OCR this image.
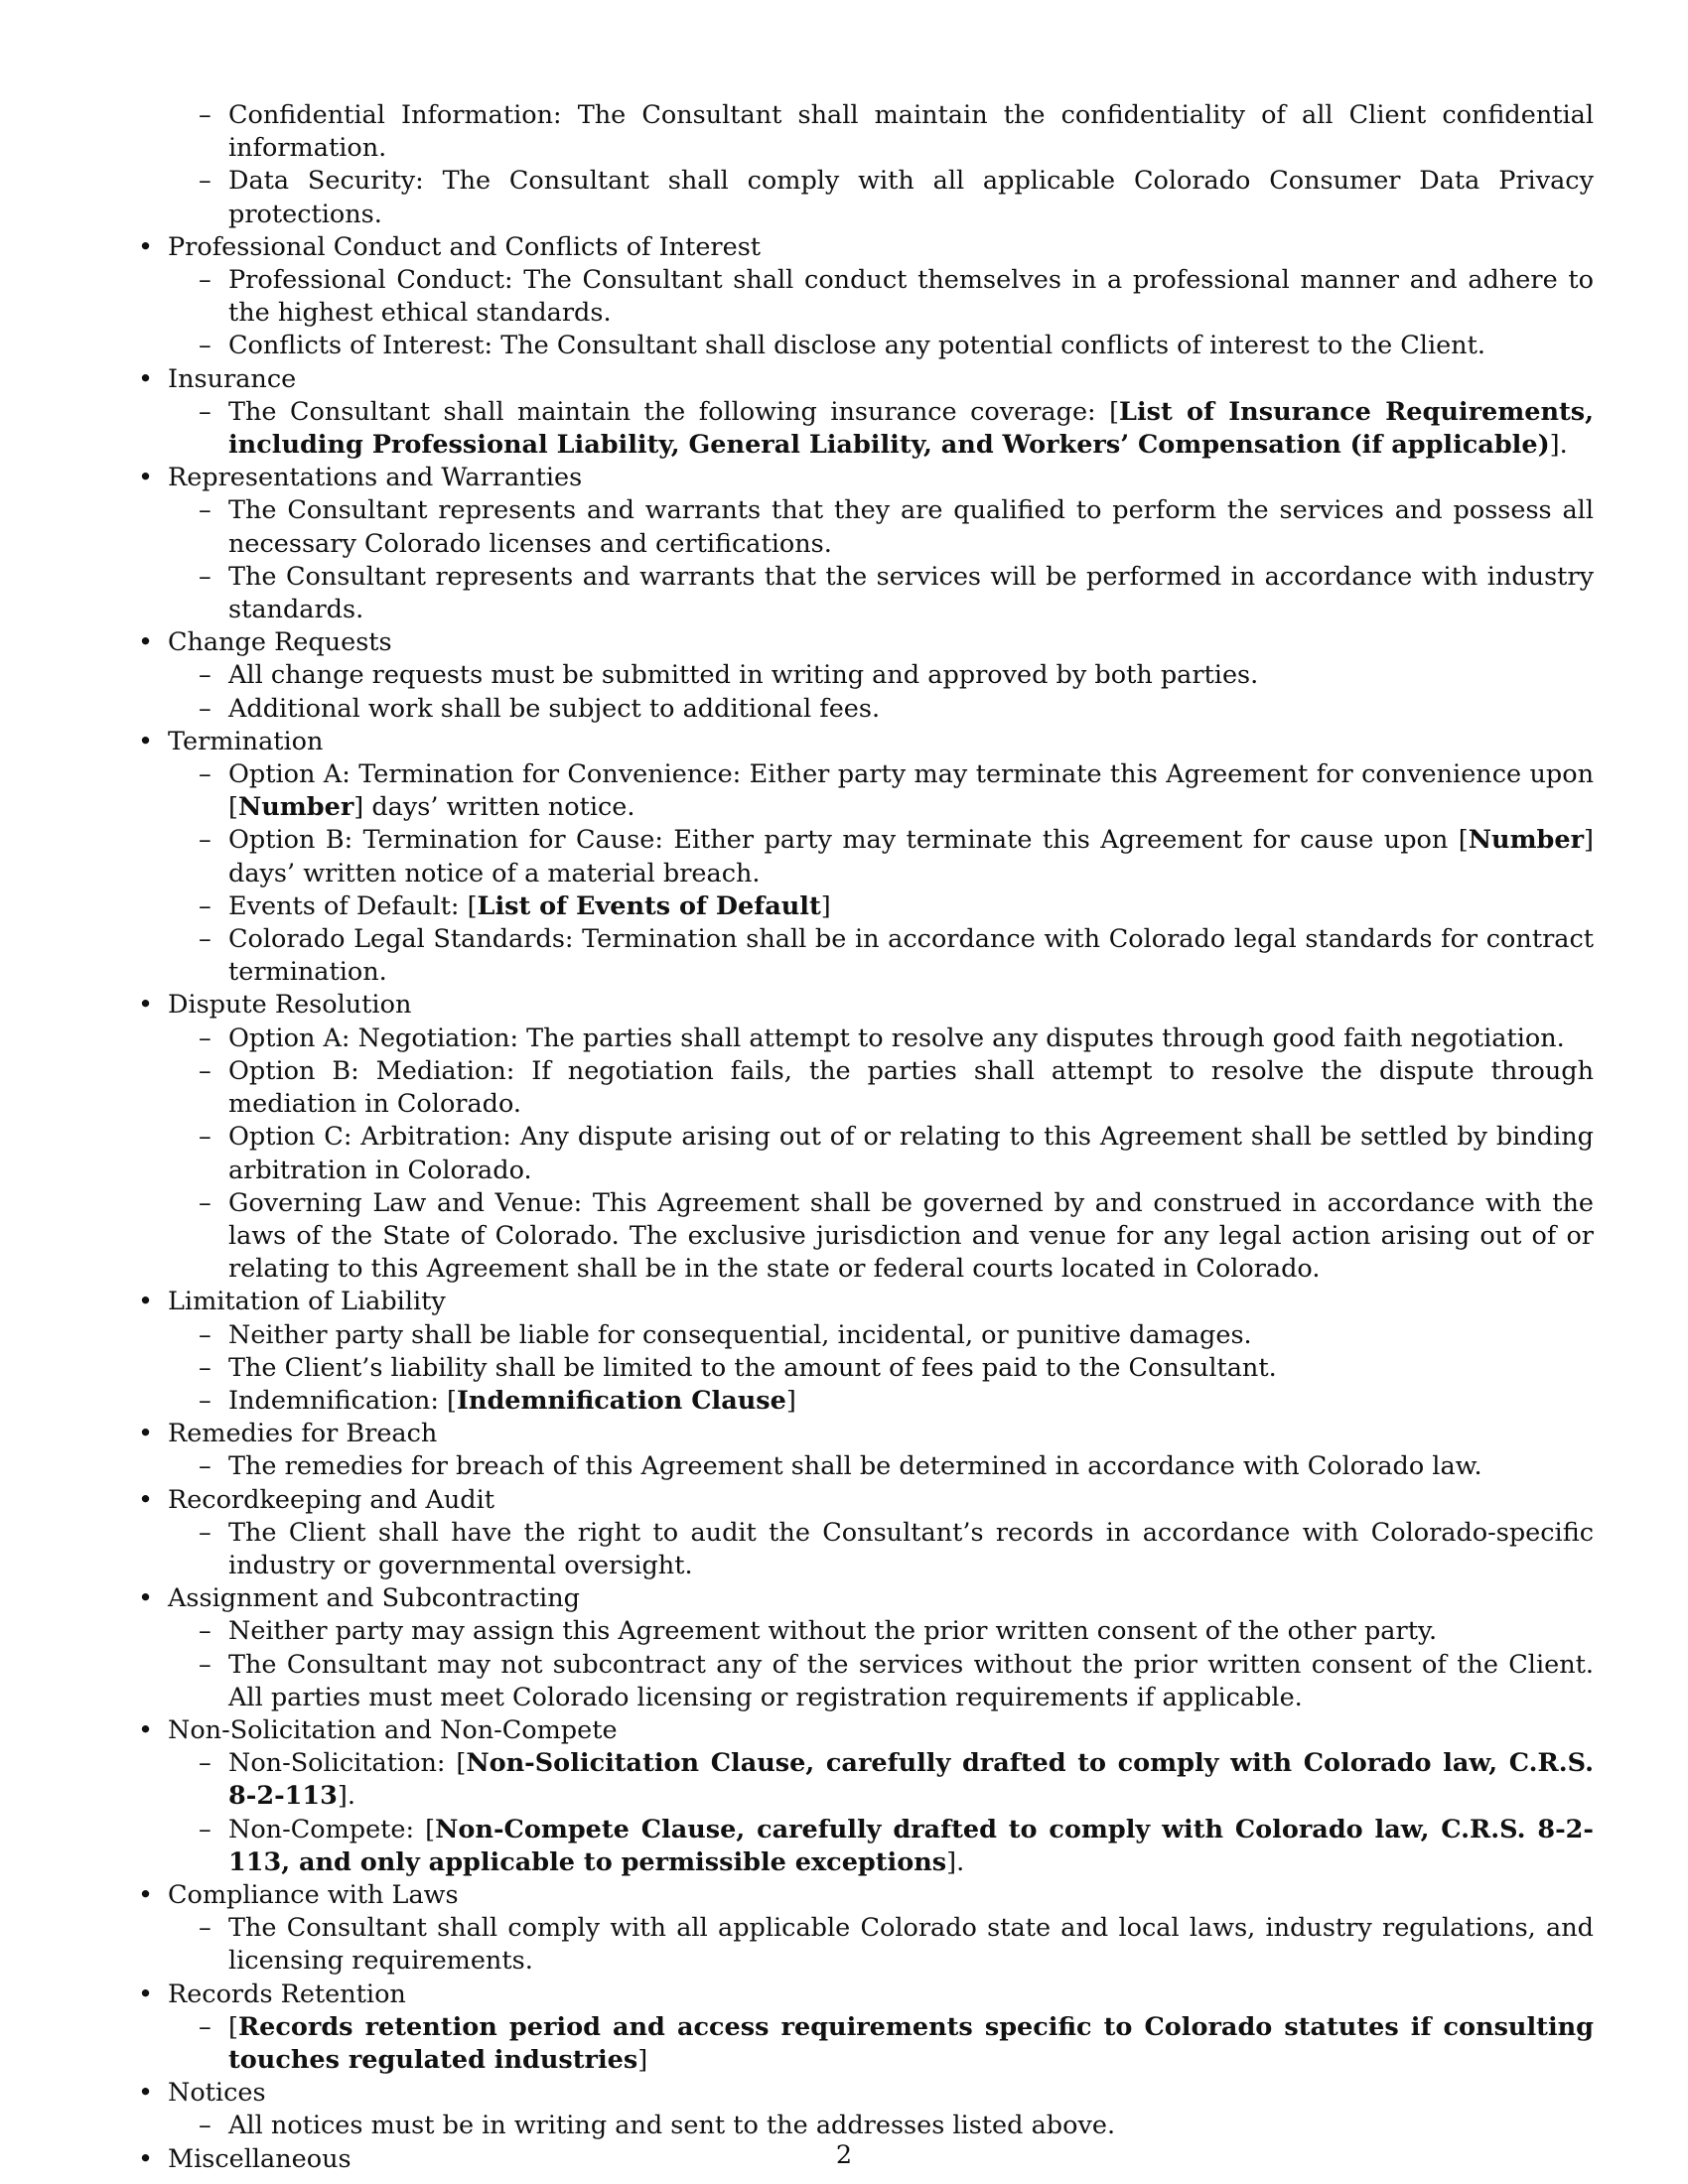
– Confidential Information: The Consultant shall maintain the confidentiality of all Client confidential information.
– Data Security: The Consultant shall comply with all applicable Colorado Consumer Data Privacy protections.
• Professional Conduct and Conflicts of Interest
– Professional Conduct: The Consultant shall conduct themselves in a professional manner and adhere to the highest ethical standards.
– Conflicts of Interest: The Consultant shall disclose any potential conflicts of interest to the Client.
• Insurance
– The Consultant shall maintain the following insurance coverage: [List of Insurance Requirements, including Professional Liability, General Liability, and Workers’ Compensation (if applicable)].
• Representations and Warranties
– The Consultant represents and warrants that they are qualified to perform the services and possess all necessary Colorado licenses and certifications.
– The Consultant represents and warrants that the services will be performed in accordance with industry standards.
• Change Requests
– All change requests must be submitted in writing and approved by both parties.
– Additional work shall be subject to additional fees.
• Termination
– Option A: Termination for Convenience: Either party may terminate this Agreement for convenience upon [Number] days’ written notice.
– Option B: Termination for Cause: Either party may terminate this Agreement for cause upon [Number] days’ written notice of a material breach.
– Events of Default: [List of Events of Default]
– Colorado Legal Standards: Termination shall be in accordance with Colorado legal standards for contract termination.
• Dispute Resolution
– Option A: Negotiation: The parties shall attempt to resolve any disputes through good faith negotiation.
– Option B: Mediation: If negotiation fails, the parties shall attempt to resolve the dispute through mediation in Colorado.
– Option C: Arbitration: Any dispute arising out of or relating to this Agreement shall be settled by binding arbitration in Colorado.
– Governing Law and Venue: This Agreement shall be governed by and construed in accordance with the laws of the State of Colorado. The exclusive jurisdiction and venue for any legal action arising out of or relating to this Agreement shall be in the state or federal courts located in Colorado.
• Limitation of Liability
– Neither party shall be liable for consequential, incidental, or punitive damages.
– The Client’s liability shall be limited to the amount of fees paid to the Consultant.
– Indemnification: [Indemnification Clause]
• Remedies for Breach
– The remedies for breach of this Agreement shall be determined in accordance with Colorado law.
• Recordkeeping and Audit
– The Client shall have the right to audit the Consultant’s records in accordance with Colorado-specific industry or governmental oversight.
• Assignment and Subcontracting
– Neither party may assign this Agreement without the prior written consent of the other party.
– The Consultant may not subcontract any of the services without the prior written consent of the Client. All parties must meet Colorado licensing or registration requirements if applicable.
• Non-Solicitation and Non-Compete
– Non-Solicitation: [Non-Solicitation Clause, carefully drafted to comply with Colorado law, C.R.S. 8-2-113].
– Non-Compete: [Non-Compete Clause, carefully drafted to comply with Colorado law, C.R.S. 8-2-113, and only applicable to permissible exceptions].
• Compliance with Laws
– The Consultant shall comply with all applicable Colorado state and local laws, industry regulations, and licensing requirements.
• Records Retention
– [Records retention period and access requirements specific to Colorado statutes if consulting touches regulated industries]
• Notices
– All notices must be in writing and sent to the addresses listed above.
• Miscellaneous	2
